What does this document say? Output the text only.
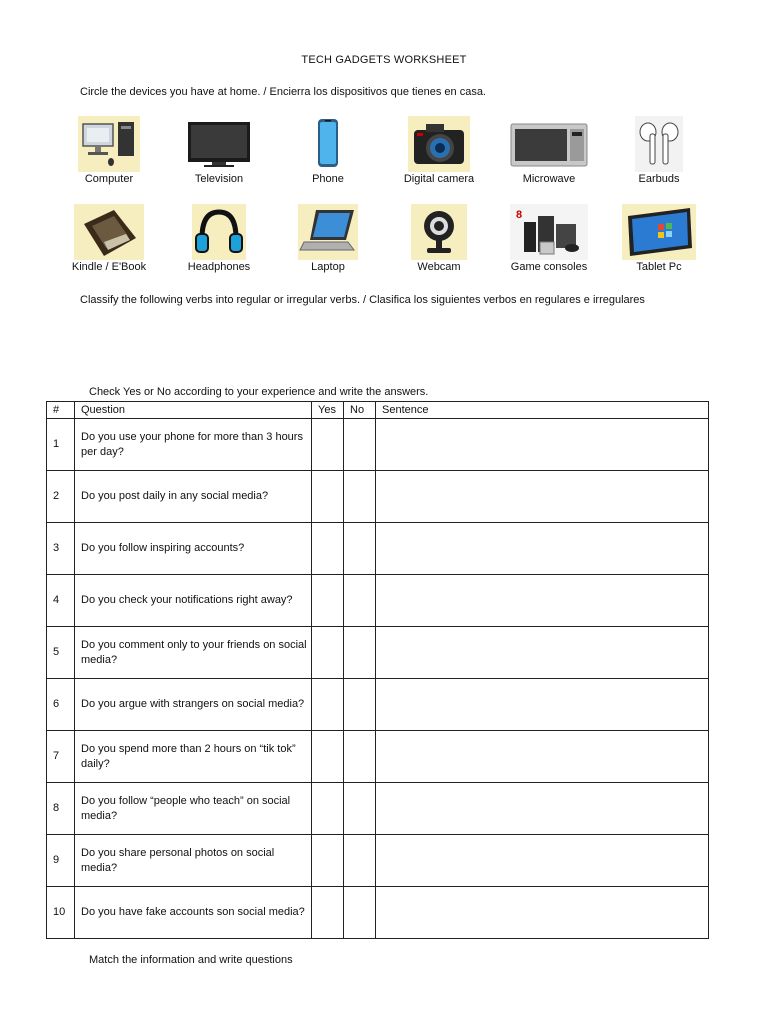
TECH GADGETS WORKSHEET
Circle the devices you have at home. / Encierra los dispositivos que tienes en casa.
Computer	Television	Phone	Digital camera	Microwave	Earbuds
Kindle / E'Book	Headphones	Laptop	Webcam
8
Game consoles	Tablet Pc
Classify the following verbs into regular or irregular verbs. / Clasifica los siguientes verbos en regulares e irregulares
Check Yes or No according to your experience and write the answers.
#	Question	Yes	No	Sentence
1	Do you use your phone for more than 3 hours per day?			
2	Do you post daily in any social media?			
3	Do you follow inspiring accounts?			
4	Do you check your notifications right away?			
5	Do you comment only to your friends on social media?			
6	Do you argue with strangers on social media?			
7	Do you spend more than 2 hours on “tik tok” daily?			
8	Do you follow “people who teach” on social media?			
9	Do you share personal photos on social media?			
10	Do you have fake accounts son social media?			
Match the information and write questions
